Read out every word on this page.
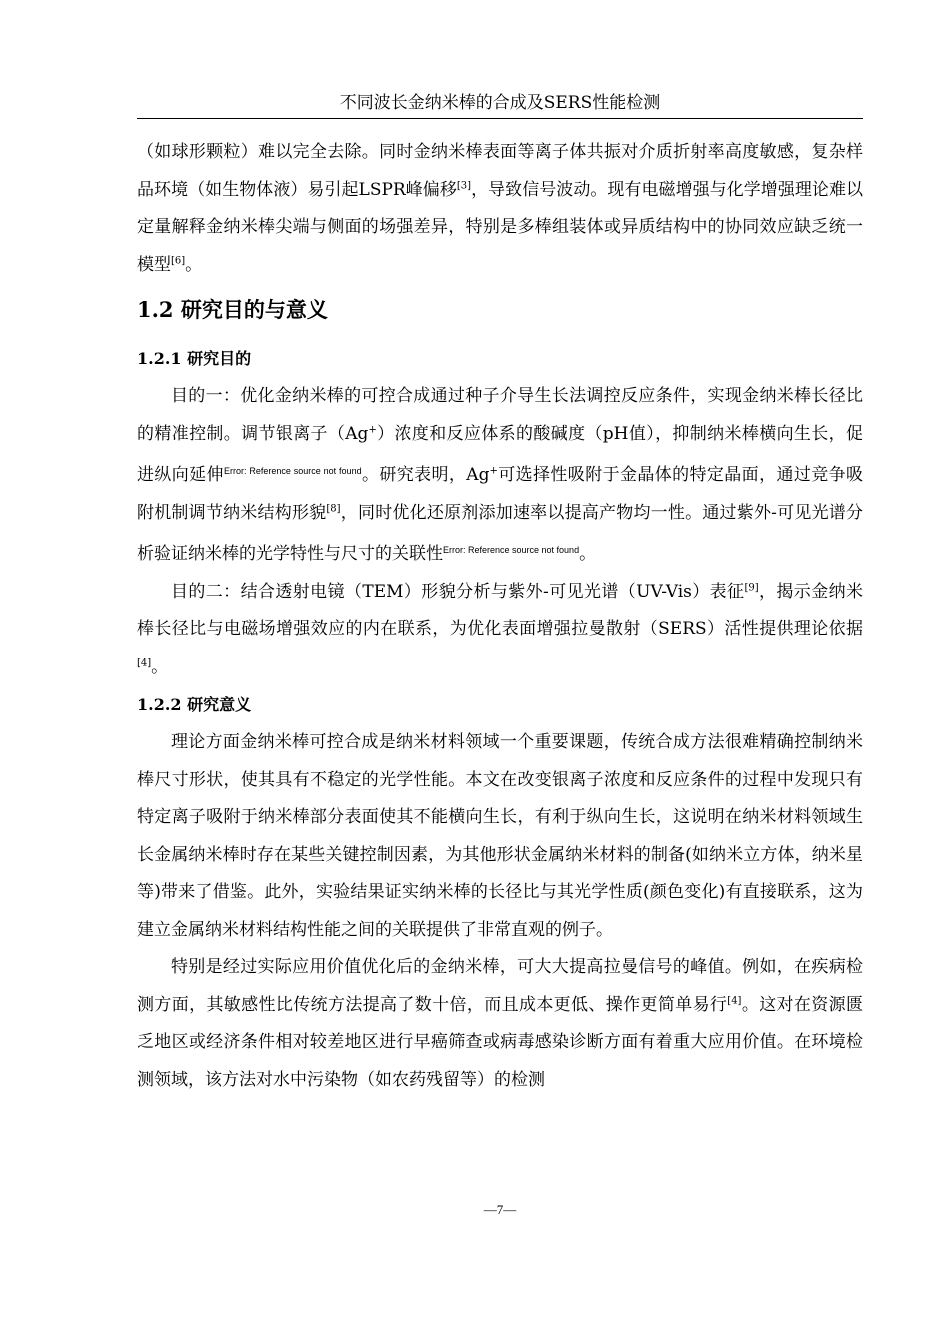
不同波长金纳米棒的合成及SERS性能检测

（如球形颗粒）难以完全去除。同时金纳米棒表面等离子体共振对介质折射率高度敏感，复杂样品环境（如生物体液）易引起LSPR峰偏移[3]，导致信号波动。现有电磁增强与化学增强理论难以定量解释金纳米棒尖端与侧面的场强差异，特别是多棒组装体或异质结构中的协同效应缺乏统一模型[6]。

1.2 研究目的与意义
1.2.1 研究目的

目的一：优化金纳米棒的可控合成通过种子介导生长法调控反应条件，实现金纳米棒长径比的精准控制。调节银离子（Ag+）浓度和反应体系的酸碱度（pH值），抑制纳米棒横向生长，促进纵向延伸$^{Error: Reference source not found}$。研究表明，Ag+可选择性吸附于金晶体的特定晶面，通过竞争吸附机制调节纳米结构形貌[8]，同时优化还原剂添加速率以提高产物均一性。通过紫外-可见光谱分析验证纳米棒的光学特性与尺寸的关联性$^{Error: Reference source not found}$。

目的二：结合透射电镜（TEM）形貌分析与紫外-可见光谱（UV-Vis）表征[9]，揭示金纳米棒长径比与电磁场增强效应的内在联系，为优化表面增强拉曼散射（SERS）活性提供理论依据[4]。

1.2.2 研究意义

理论方面金纳米棒可控合成是纳米材料领域一个重要课题，传统合成方法很难精确控制纳米棒尺寸形状，使其具有不稳定的光学性能。本文在改变银离子浓度和反应条件的过程中发现只有特定离子吸附于纳米棒部分表面使其不能横向生长，有利于纵向生长，这说明在纳米材料领域生长金属纳米棒时存在某些关键控制因素，为其他形状金属纳米材料的制备(如纳米立方体，纳米星等)带来了借鉴。此外，实验结果证实纳米棒的长径比与其光学性质(颜色变化)有直接联系，这为建立金属纳米材料结构性能之间的关联提供了非常直观的例子。

特别是经过实际应用价值优化后的金纳米棒，可大大提高拉曼信号的峰值。例如，在疾病检测方面，其敏感性比传统方法提高了数十倍，而且成本更低、操作更简单易行[4]。这对在资源匮乏地区或经济条件相对较差地区进行早癌筛查或病毒感染诊断方面有着重大应用价值。在环境检测领域，该方法对水中污染物（如农药残留等）的检测

—7—
